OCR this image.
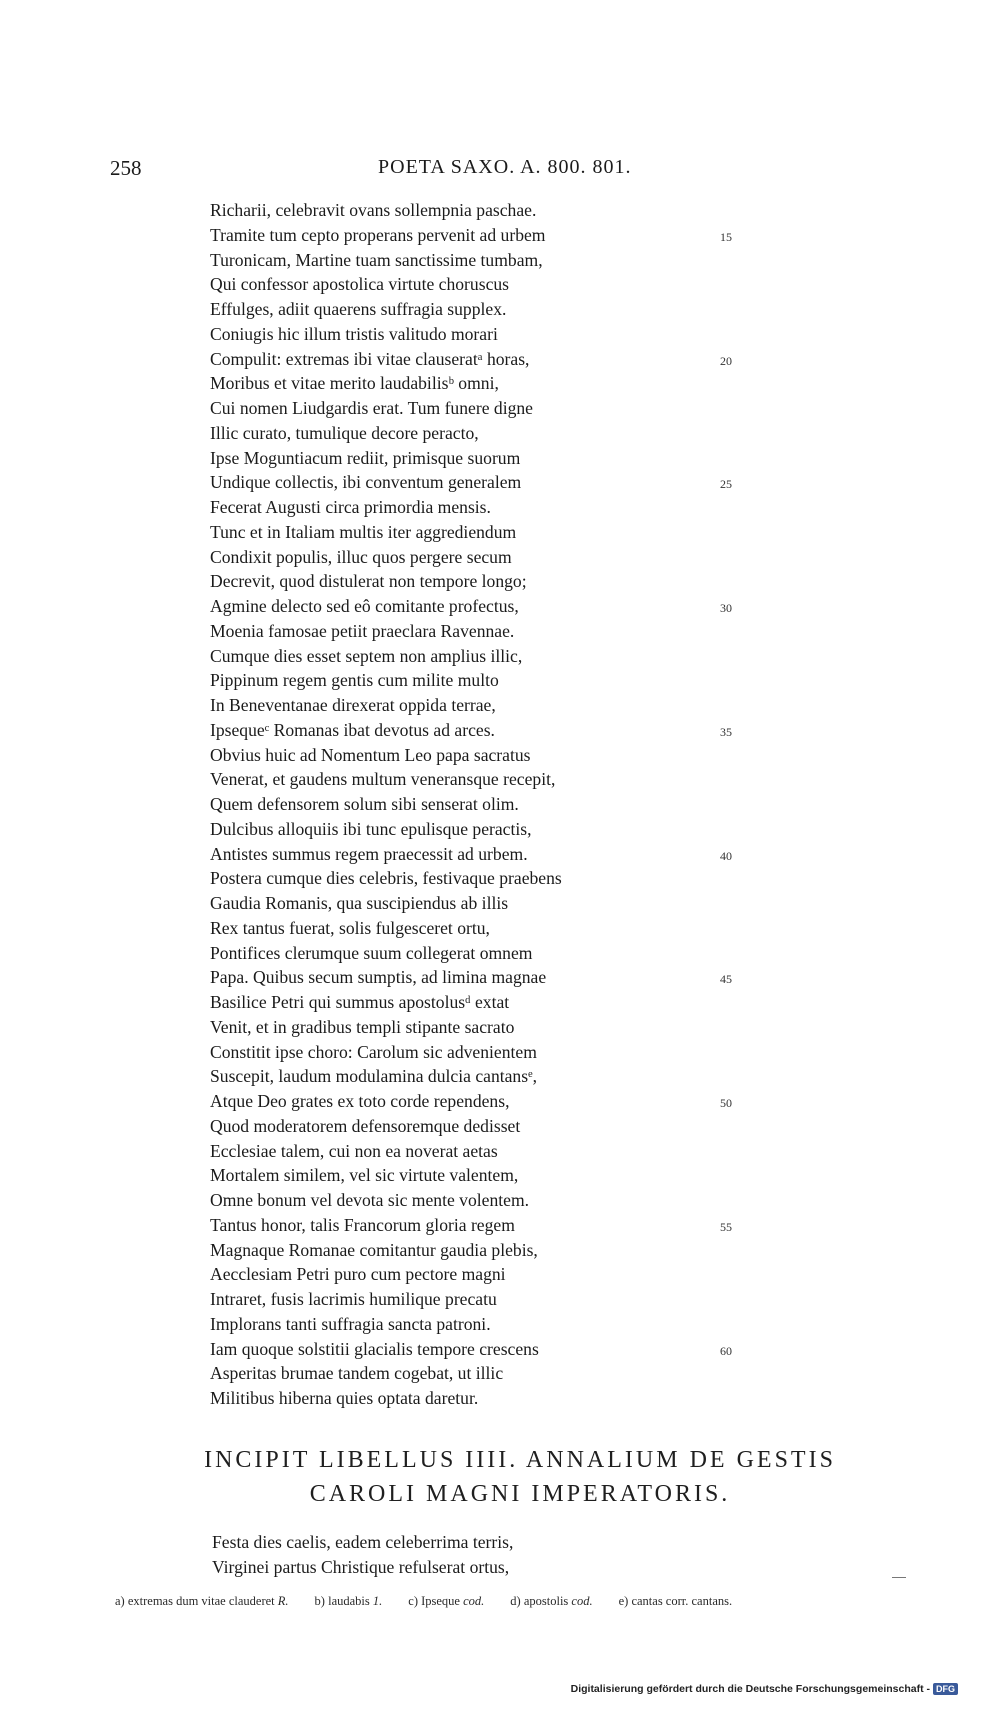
258	POETA SAXO. A. 800. 801.
Richarii, celebravit ovans sollempnia paschae.
Tramite tum cepto properans pervenit ad urbem	15
Turonicam, Martine tuam sanctissime tumbam,
Qui confessor apostolica virtute choruscus
Effulges, adiit quaerens suffragia supplex.
Coniugis hic illum tristis valitudo morari
Compulit: extremas ibi vitae clauseratᵃ horas,	20
Moribus et vitae merito laudabilisᵇ omni,
Cui nomen Liudgardis erat. Tum funere digne
Illic curato, tumulique decore peracto,
Ipse Moguntiacum rediit, primisque suorum
Undique collectis, ibi conventum generalem	25
Fecerat Augusti circa primordia mensis.
Tunc et in Italiam multis iter aggrediendum
Condixit populis, illuc quos pergere secum
Decrevit, quod distulerat non tempore longo;
Agmine delecto sed eô comitante profectus,	30
Moenia famosae petiit praeclara Ravennae.
Cumque dies esset septem non amplius illic,
Pippinum regem gentis cum milite multo
In Beneventanae direxerat oppida terrae,
Ipsequeᶜ Romanas ibat devotus ad arces.	35
Obvius huic ad Nomentum Leo papa sacratus
Venerat, et gaudens multum veneransque recepit,
Quem defensorem solum sibi senserat olim.
Dulcibus alloquiis ibi tunc epulisque peractis,
Antistes summus regem praecessit ad urbem.	40
Postera cumque dies celebris, festivaque praebens
Gaudia Romanis, qua suscipiendus ab illis
Rex tantus fuerat, solis fulgesceret ortu,
Pontifices clerumque suum collegerat omnem
Papa. Quibus secum sumptis, ad limina magnae	45
Basilice Petri qui summus apostolusᵈ extat
Venit, et in gradibus templi stipante sacrato
Constitit ipse choro: Carolum sic advenientem
Suscepit, laudum modulamina dulcia cantansᵉ,
Atque Deo grates ex toto corde rependens,	50
Quod moderatorem defensoremque dedisset
Ecclesiae talem, cui non ea noverat aetas
Mortalem similem, vel sic virtute valentem,
Omne bonum vel devota sic mente volentem.
Tantus honor, talis Francorum gloria regem	55
Magnaque Romanae comitantur gaudia plebis,
Aecclesiam Petri puro cum pectore magni
Intraret, fusis lacrimis humilique precatu
Implorans tanti suffragia sancta patroni.
Iam quoque solstitii glacialis tempore crescens	60
Asperitas brumae tandem cogebat, ut illic
Militibus hiberna quies optata daretur.
INCIPIT LIBELLUS IIII. ANNALIUM DE GESTIS
CAROLI MAGNI IMPERATORIS.
Festa dies caelis, eadem celeberrima terris,
Virginei partus Christique refulserat ortus,
a) extremas dum vitae clauderet R. b) laudabis 1. c) Ipseque cod. d) apostolis cod. e) cantas corr. cantans.
Digitalisierung gefördert durch die Deutsche Forschungsgemeinschaft - DFG
